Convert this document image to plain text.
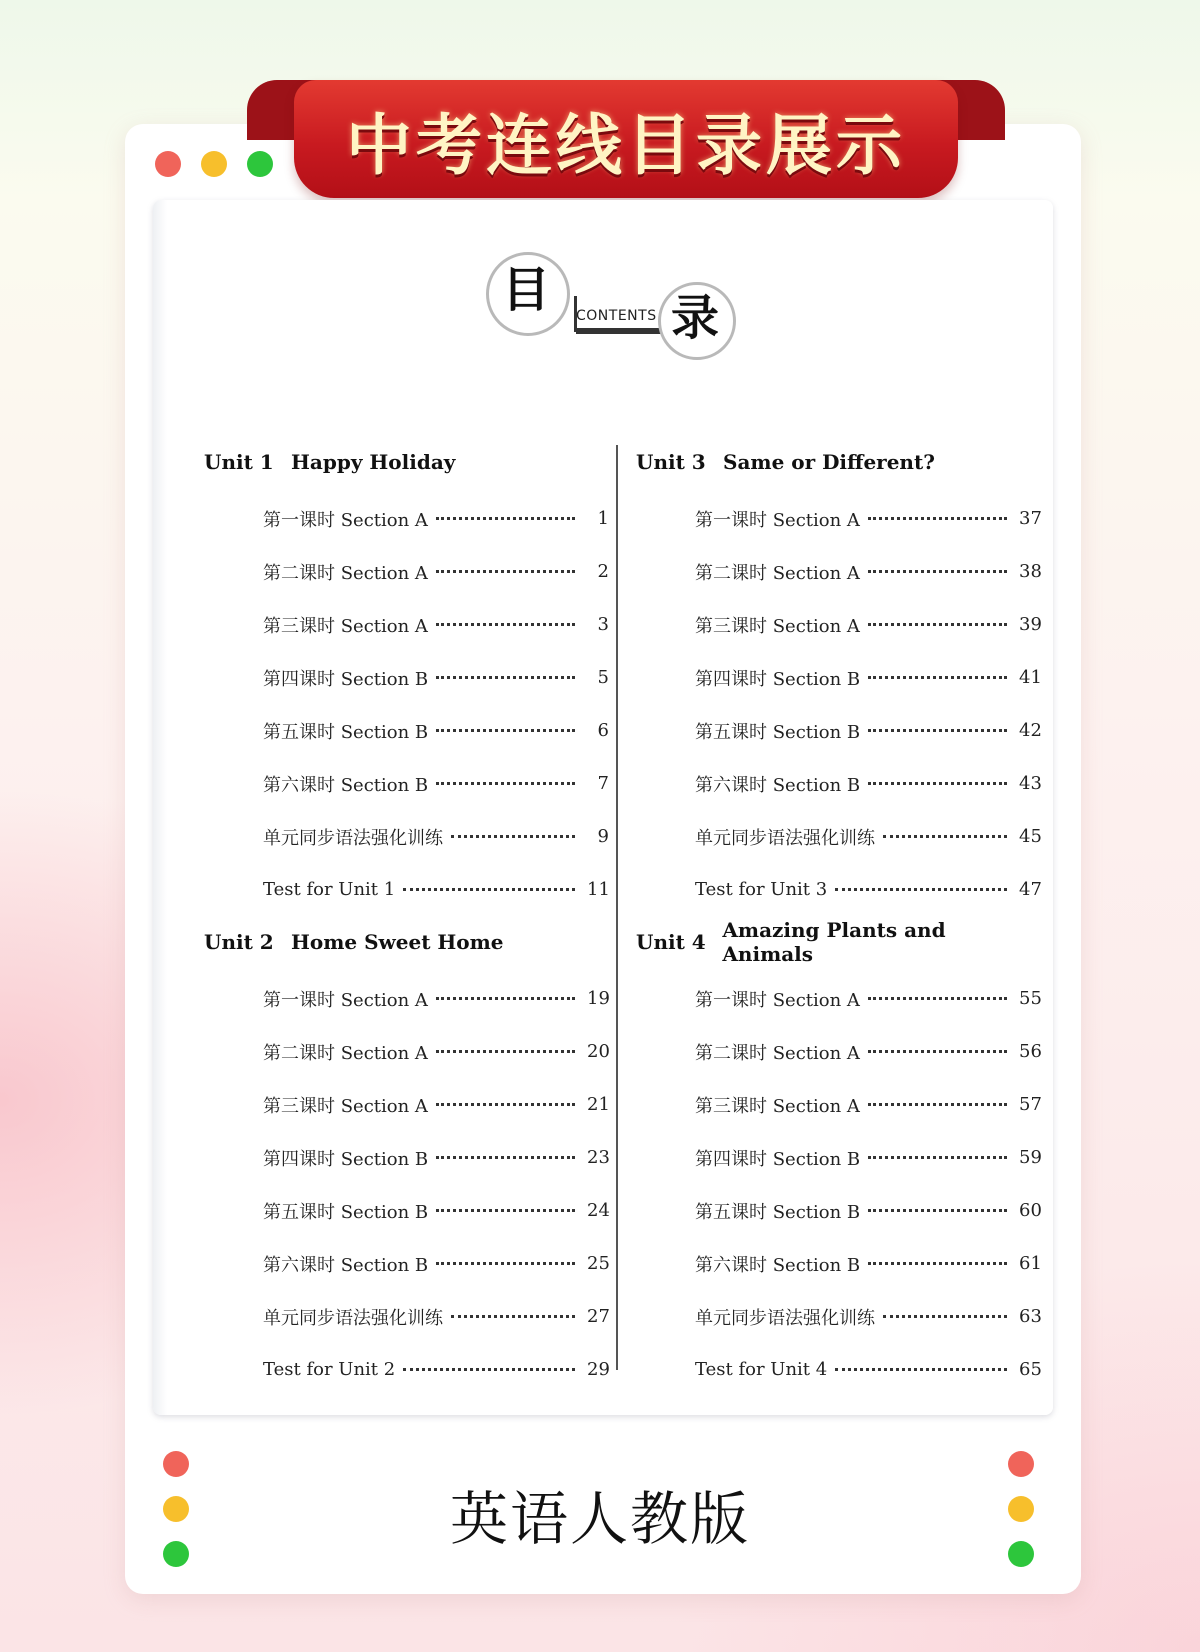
中考连线目录展示
目 CONTENTS 录
Unit 1 Happy Holiday
第一课时 Section A	1
第二课时 Section A	2
第三课时 Section A	3
第四课时 Section B	5
第五课时 Section B	6
第六课时 Section B	7
单元同步语法强化训练	9
Test for Unit 1	11
Unit 2 Home Sweet Home
第一课时 Section A	19
第二课时 Section A	20
第三课时 Section A	21
第四课时 Section B	23
第五课时 Section B	24
第六课时 Section B	25
单元同步语法强化训练	27
Test for Unit 2	29
Unit 3 Same or Different?
第一课时 Section A	37
第二课时 Section A	38
第三课时 Section A	39
第四课时 Section B	41
第五课时 Section B	42
第六课时 Section B	43
单元同步语法强化训练	45
Test for Unit 3	47
Unit 4 Amazing Plants and Animals
第一课时 Section A	55
第二课时 Section A	56
第三课时 Section A	57
第四课时 Section B	59
第五课时 Section B	60
第六课时 Section B	61
单元同步语法强化训练	63
Test for Unit 4	65
英语人教版
